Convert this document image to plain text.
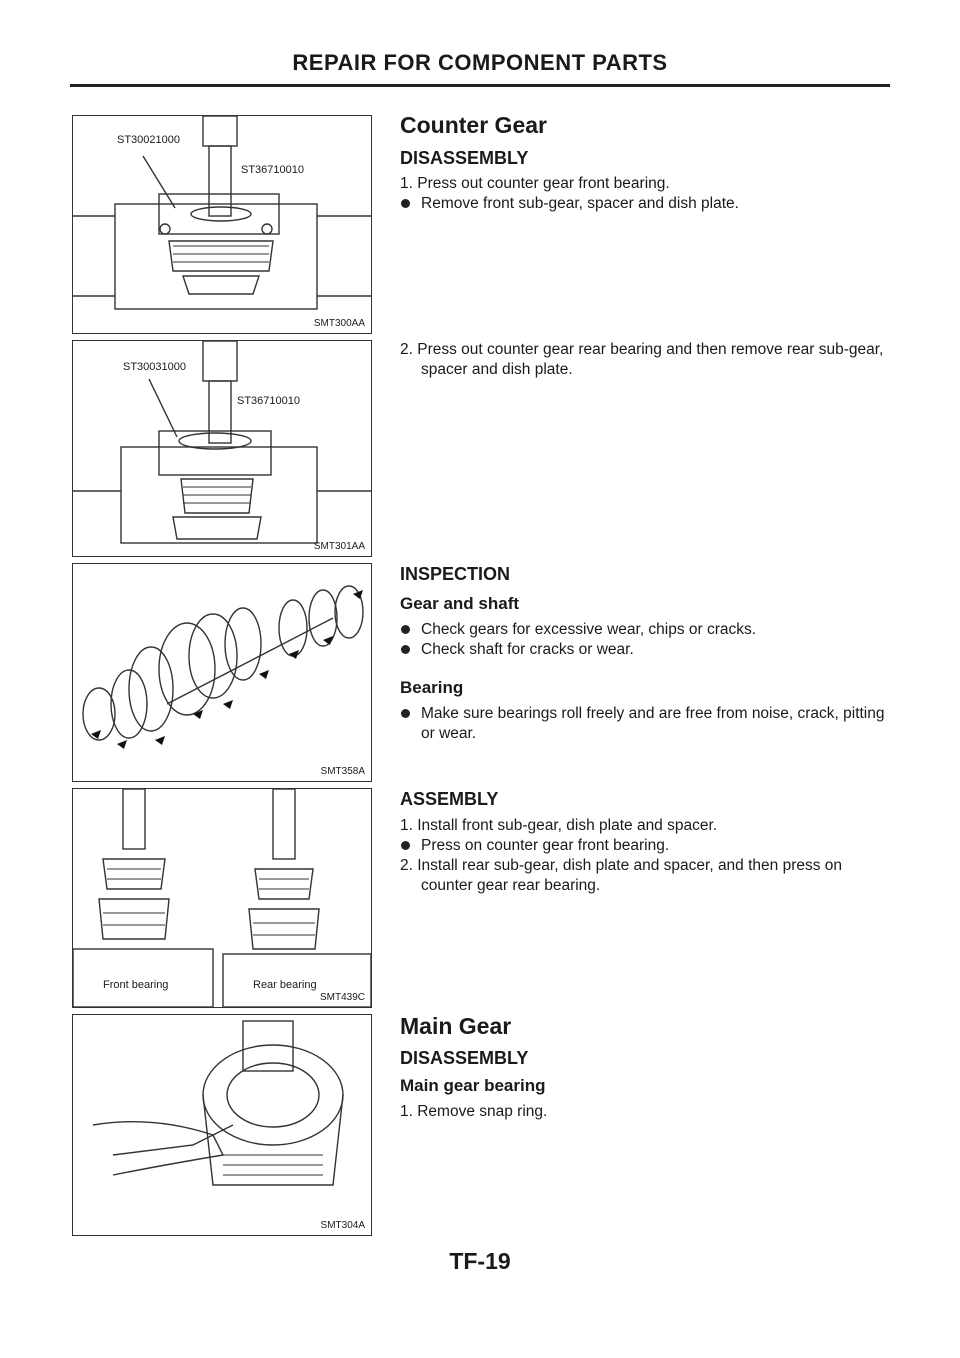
REPAIR FOR COMPONENT PARTS
ST30021000
ST36710010
SMT300AA
ST30031000
ST36710010
SMT301AA
SMT358A
Front bearing	Rear bearing
SMT439C
SMT304A
Counter Gear
DISASSEMBLY

1. Press out counter gear front bearing.

Remove front sub-gear, spacer and dish plate.

2. Press out counter gear rear bearing and then remove rear sub-gear, spacer and dish plate.

INSPECTION
Gear and shaft

Check gears for excessive wear, chips or cracks.

Check shaft for cracks or wear.

Bearing

Make sure bearings roll freely and are free from noise, crack, pitting or wear.

ASSEMBLY

1. Install front sub-gear, dish plate and spacer.

Press on counter gear front bearing.

2. Install rear sub-gear, dish plate and spacer, and then press on counter gear rear bearing.

Main Gear
DISASSEMBLY
Main gear bearing

1. Remove snap ring.

TF-19
